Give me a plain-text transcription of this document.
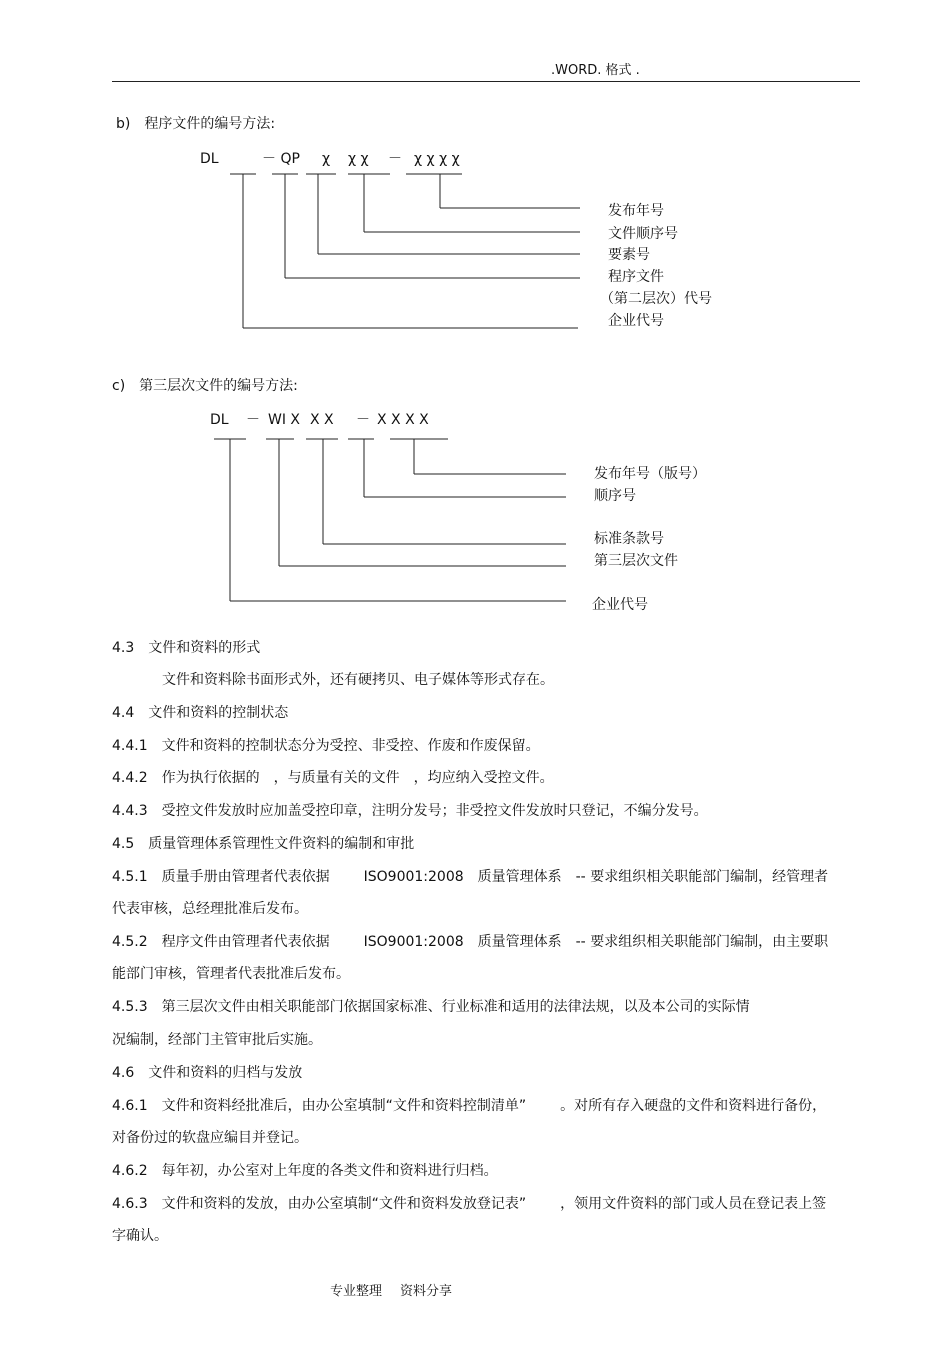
.WORD. 格式 .
b)　程序文件的编号方法:
DL	－ QP χ χ χ － χ χ χ χ
发布年号
文件顺序号
要素号
程序文件
（第二层次）代号
企业代号
c)　第三层次文件的编号方法:
DL － WI X X X － X X X X
发布年号（版号）
顺序号
标准条款号
第三层次文件
企业代号
4.3　文件和资料的形式
文件和资料除书面形式外，还有硬拷贝、电子媒体等形式存在。
4.4　文件和资料的控制状态
4.4.1　文件和资料的控制状态分为受控、非受控、作废和作废保留。
4.4.2　作为执行依据的　，与质量有关的文件　，均应纳入受控文件。
4.4.3　受控文件发放时应加盖受控印章，注明分发号；非受控文件发放时只登记，不编分发号。
4.5　质量管理体系管理性文件资料的编制和审批
4.5.1　质量手册由管理者代表依据 ISO9001:2008　质量管理体系　-- 要求组织相关职能部门编制，经管理者代表审核，总经理批准后发布。
4.5.2　程序文件由管理者代表依据 ISO9001:2008　质量管理体系　-- 要求组织相关职能部门编制，由主要职能部门审核，管理者代表批准后发布。
4.5.3　第三层次文件由相关职能部门依据国家标准、行业标准和适用的法律法规，以及本公司的实际情
况编制，经部门主管审批后实施。
4.6　文件和资料的归档与发放
4.6.1　文件和资料经批准后，由办公室填制“文件和资料控制清单” 。对所有存入硬盘的文件和资料进行备份，对备份过的软盘应编目并登记。
4.6.2　每年初，办公室对上年度的各类文件和资料进行归档。
4.6.3　文件和资料的发放，由办公室填制“文件和资料发放登记表” ，领用文件资料的部门或人员在登记表上签字确认。
专业整理 资料分享
